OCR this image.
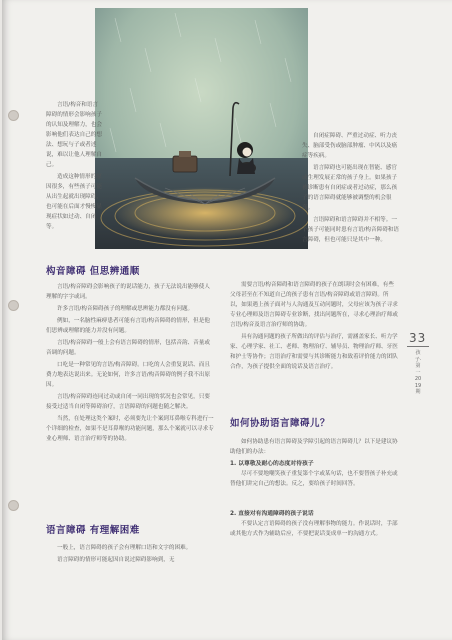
言语/构音和语言障碍的情形会影响孩子的认知及理解力，也会影响他们表达自己的想法、想玩与子或者述说，难以让他人理解自己。

造成这种情形的原因很多，有些孩子可能从出生起就出现障碍，也可能在后面才慢慢显现症状如过动、自闭等。

自闭症障碍、严重过动症、听力丧失、脑部受伤或脑部肿瘤、中风以及癌症等疾病。

语言障碍也可能出现在智能、感官或生理发展正常的孩子身上。如果孩子被诊断患有自闭症或者过动症，那么孩子的语言障碍就能够被调整的机会很高。

言语障碍和语言障碍并不相等。一个孩子可能同时患有言语/构音障碍和语言障碍，但也可能只是其中一种。

构音障碍 但思辨通顺

言语/构音障碍会影响孩子的说话能力，孩子无法说出能够使人理解的字字或词。

许多言语/构音障碍孩子的理解或思辨能力都没有问题。

例如，一名脑性麻痹患者可能有言语/构音障碍的情形，但是他们思辨或理解的能力并没有问题。

言语/构音障碍一般上会有语言障碍的情形，包括音韵、音量或音调的问题。

口吃是一种常见的言语/构音障碍。口吃的人会重复说话、而且费力地表达说出来。无论如何，许多言语/构音障碍的例子我不出原因。

言语/构音障碍连同过动或自闭一同出现的状况也会常见，只要接受过适当自闭等障碍治疗，言语障碍的问题也随之解决。

当然，在处理这类个案时，必须要先让个案到耳鼻喉专科进行一个详细的检查，如果不是耳鼻喉的功能问题，那么个案就可以寻求专业心理师、语言治疗师等的协助。

语言障碍 有理解困难

一般上，语言障碍的孩子会有理解口语和文字的困难。

语言障碍的情形可能起因自说过障碍影响到，无

需要言语/构音障碍和语言障碍的孩子在朗读时会有困难，有些父母甚至在不知道自己的孩子患有言语/构音障碍或语言障碍。所以，如果遇上孩子面对与人沟通及互动问题时，父母应该为孩子寻求专业心理师及语言障碍专业诊断，找出问题所在，寻求心理治疗师或言语/构音及语言治疗师的协助。

具有沟通问题的孩子所做出的评估与治疗，需涵盖家长、听力学家、心理学家、社工、老师、物理治疗、辅导员、物理治疗师、牙医和护士等协作；言语治疗和需要与其诊断能力和致着评价能力的团队合作，为孩子提供全面的说话及语言治疗。

如何协助语言障碍儿？

如何协助患有语言障碍及学障引起的语言障碍儿？以下是建议协助他们的办法：

1. 以尊敬及耐心的态度对待孩子

尽可不要地嘲笑孩子重复第个字或某句话，也不要替孩子补充或替他们讲完自己的想法。反之，要给孩子时间回答。

2. 直接对有沟通障碍的孩子说话

不要认定言语障碍的孩子没有理解事物的能力。作说话时，手部或其他方式作为辅助后应，不要把说话变成单一的沟通方式。

33
孩子·第一2019期
